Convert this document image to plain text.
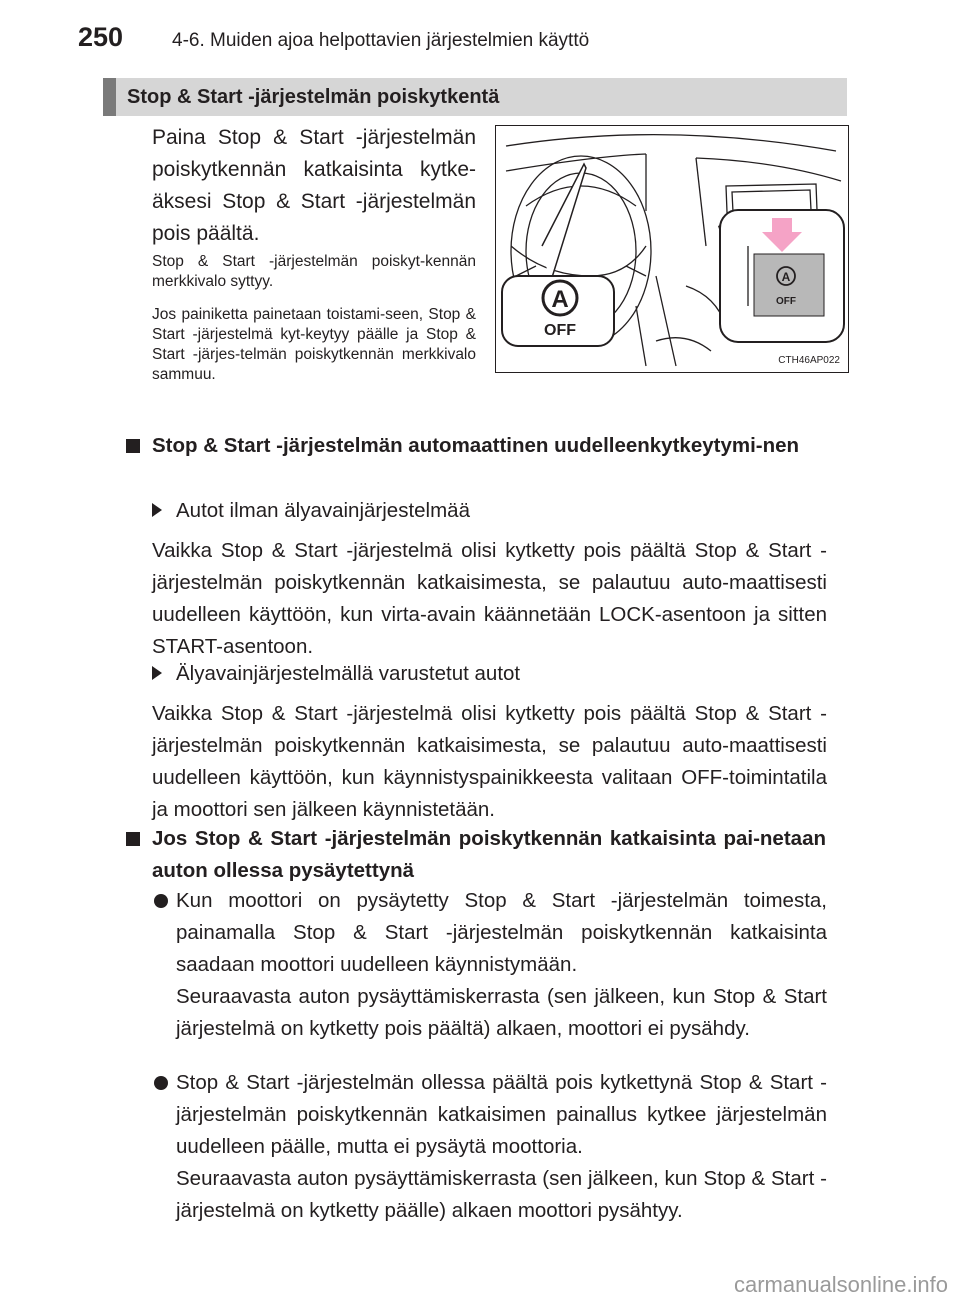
250	4-6. Muiden ajoa helpottavien järjestelmien käyttö
Stop & Start -järjestelmän poiskytkentä
Paina Stop & Start -järjestelmän
poiskytkennän katkaisinta kytke-
äksesi Stop & Start -järjestelmän
pois päältä.
Stop & Start -järjestelmän poiskyt-kennän merkkivalo syttyy.
Jos painiketta painetaan toistami-seen, Stop & Start -järjestelmä kyt-keytyy päälle ja Stop & Start -järjes-telmän poiskytkennän merkkivalo sammuu.
A
OFF
A
OFF
CTH46AP022
Stop & Start -järjestelmän automaattinen uudelleenkytkeytymi-nen
Autot ilman älyavainjärjestelmää
Vaikka Stop & Start -järjestelmä olisi kytketty pois päältä Stop & Start -järjestelmän poiskytkennän katkaisimesta, se palautuu auto-maattisesti uudelleen käyttöön, kun virta-avain käännetään LOCK-asentoon ja sitten START-asentoon.
Älyavainjärjestelmällä varustetut autot
Vaikka Stop & Start -järjestelmä olisi kytketty pois päältä Stop & Start -järjestelmän poiskytkennän katkaisimesta, se palautuu auto-maattisesti uudelleen käyttöön, kun käynnistyspainikkeesta valitaan OFF-toimintatila ja moottori sen jälkeen käynnistetään.
Jos Stop & Start -järjestelmän poiskytkennän katkaisinta pai-netaan auton ollessa pysäytettynä
Kun moottori on pysäytetty Stop & Start -järjestelmän toimesta, painamalla Stop & Start -järjestelmän poiskytkennän katkaisinta saadaan moottori uudelleen käynnistymään.
Seuraavasta auton pysäyttämiskerrasta (sen jälkeen, kun Stop & Start järjestelmä on kytketty pois päältä) alkaen, moottori ei pysähdy.
Stop & Start -järjestelmän ollessa päältä pois kytkettynä Stop & Start -järjestelmän poiskytkennän katkaisimen painallus kytkee järjestelmän uudelleen päälle, mutta ei pysäytä moottoria.
Seuraavasta auton pysäyttämiskerrasta (sen jälkeen, kun Stop & Start -järjestelmä on kytketty päälle) alkaen moottori pysähtyy.
carmanualsonline.info
